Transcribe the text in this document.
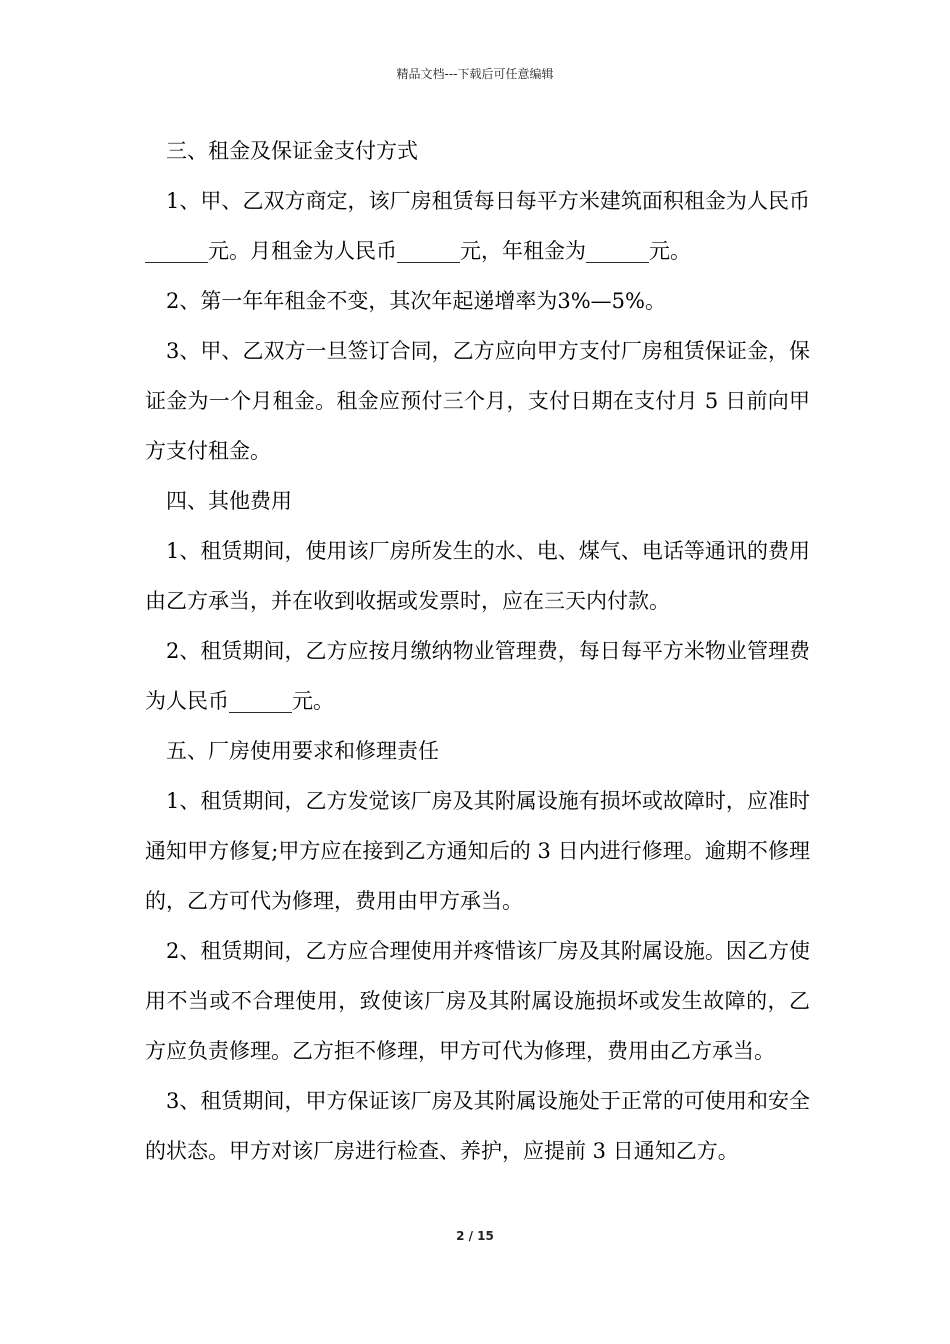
精品文档---下载后可任意编辑

三、租金及保证金支付方式

1、甲、乙双方商定，该厂房租赁每日每平方米建筑面积租金为人民币______元。月租金为人民币______元，年租金为______元。

2、第一年年租金不变，其次年起递增率为3%—5%。

3、甲、乙双方一旦签订合同，乙方应向甲方支付厂房租赁保证金，保证金为一个月租金。租金应预付三个月，支付日期在支付月 5 日前向甲方支付租金。

四、其他费用

1、租赁期间，使用该厂房所发生的水、电、煤气、电话等通讯的费用由乙方承当，并在收到收据或发票时，应在三天内付款。

2、租赁期间，乙方应按月缴纳物业管理费，每日每平方米物业管理费为人民币______元。

五、厂房使用要求和修理责任

1、租赁期间，乙方发觉该厂房及其附属设施有损坏或故障时，应准时通知甲方修复;甲方应在接到乙方通知后的 3 日内进行修理。逾期不修理的，乙方可代为修理，费用由甲方承当。

2、租赁期间，乙方应合理使用并疼惜该厂房及其附属设施。因乙方使用不当或不合理使用，致使该厂房及其附属设施损坏或发生故障的，乙方应负责修理。乙方拒不修理，甲方可代为修理，费用由乙方承当。

3、租赁期间，甲方保证该厂房及其附属设施处于正常的可使用和安全的状态。甲方对该厂房进行检查、养护，应提前 3 日通知乙方。

2 / 15
